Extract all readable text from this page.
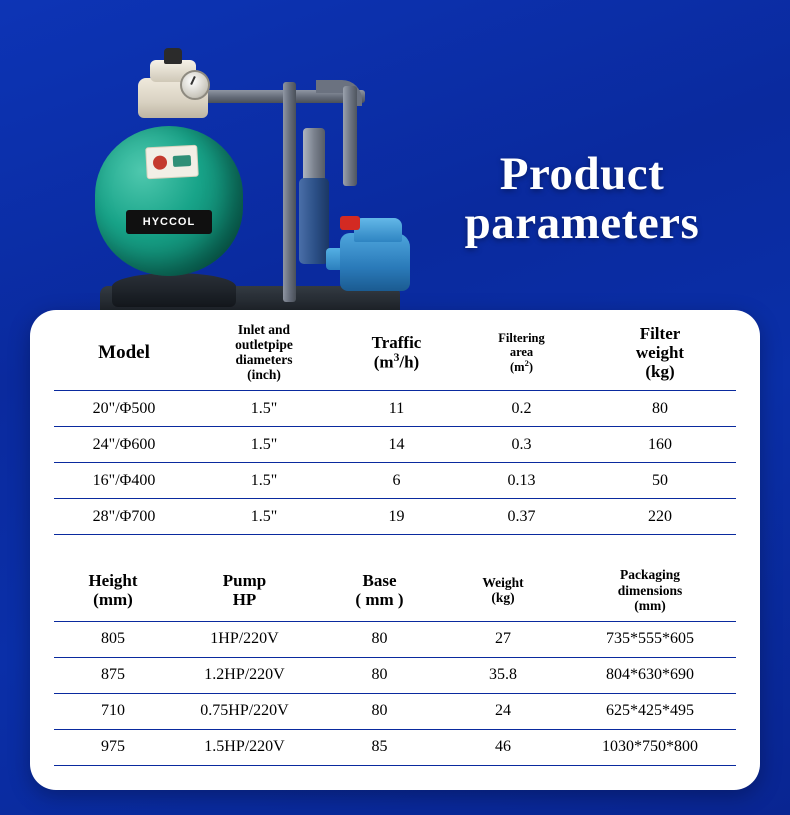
HYCCOL
Product
parameters
Model

Inlet and
outletpipe
diameters
(inch)

Traffic
$(m^3/h)$

Filtering
area
$(m^2)$

Filter
weight
(kg)

20"/Φ500	1.5"	11	0.2	80
24"/Φ600	1.5"	14	0.3	160
16"/Φ400	1.5"	6	0.13	50
28"/Φ700	1.5"	19	0.37	220
Height
(mm)

Pump
HP

Base
( mm )

Weight
(kg)

Packaging
dimensions
(mm)

805	1HP/220V	80	27	735*555*605
875	1.2HP/220V	80	35.8	804*630*690
710	0.75HP/220V	80	24	625*425*495
975	1.5HP/220V	85	46	1030*750*800
